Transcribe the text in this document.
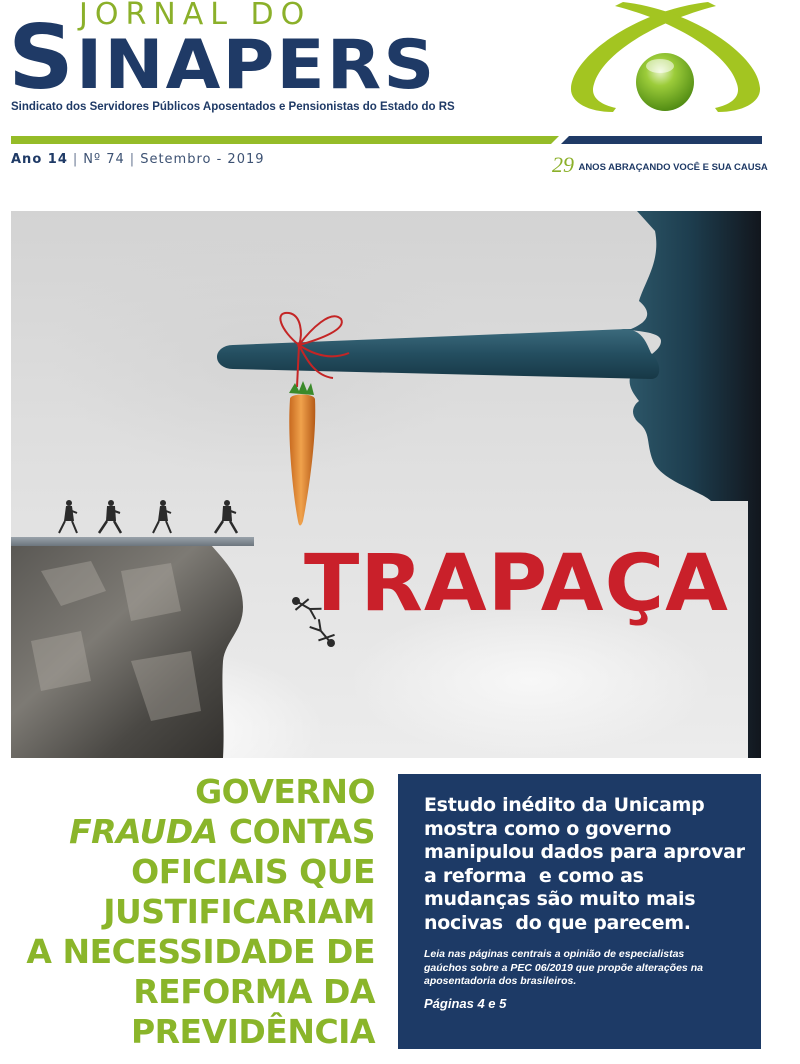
JORNAL DO
SINAPERS
Sindicato dos Servidores Públicos Aposentados e Pensionistas do Estado do RS
Ano 14 | Nº 74 | Setembro - 2019	29 ANOS ABRAÇANDO VOCÊ E SUA CAUSA
TRAPAÇA
GOVERNO
FRAUDA CONTAS
OFICIAIS QUE
JUSTIFICARIAM
A NECESSIDADE DE
REFORMA DA
PREVIDÊNCIA
Estudo inédito da Unicamp
mostra como o governo
manipulou dados para aprovar
a reforma  e como as
mudanças são muito mais
nocivas  do que parecem.

Leia nas páginas centrais a opinião de especialistas gaúchos sobre a PEC 06/2019 que propõe alterações na aposentadoria dos brasileiros.

Páginas 4 e 5
